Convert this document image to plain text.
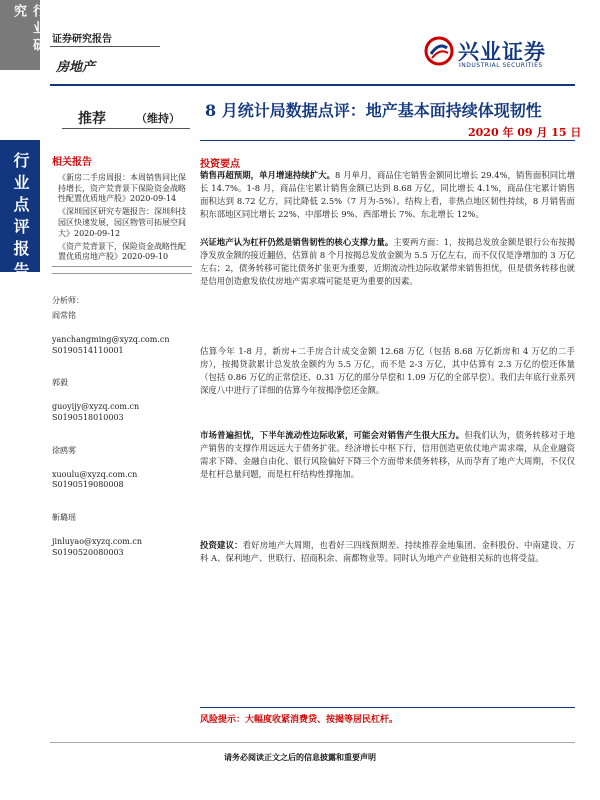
行业研究
行业点评报告
证券研究报告
房地产
兴业证券
INDUSTRIAL SECURITIES
推荐	（维持） 8 月统计局数据点评：地产基本面持续体现韧性
2020 年 09 月 15 日
相关报告
《新房二手房周报：本周销售同比保持增长，资产荒背景下保险资金战略性配置优质地产股》2020-09-14
《深圳园区研究专题报告：深圳科技园区快速发展，园区物管可拓展空间大》2020-09-12
《资产荒背景下，保险资金战略性配置优质房地产股》2020-09-10
分析师：
阎常铭
yanchangming@xyzq.com.cn
S0190514110001
郭毅
guoyijy@xyzq.com.cn
S0190518010003
徐鸥雾
xuoulu@xyzq.com.cn
S0190519080008
靳璐瑶
jinluyao@xyzq.com.cn
S0190520080003
投资要点

销售再超预期，单月增速持续扩大。8 月单月，商品住宅销售金额同比增长 29.4%，销售面积同比增长 14.7%。1-8 月，商品住宅累计销售金额已达到 8.68 万亿，同比增长 4.1%，商品住宅累计销售面积达到 8.72 亿方，同比降低 2.5%（7 月为-5%）。结构上看，非热点地区韧性持续，8 月销售面积东部地区同比增长 22%、中部增长 9%、西部增长 7%、东北增长 12%。

兴证地产认为杠杆仍然是销售韧性的核心支撑力量。主要两方面：1，按揭总发放金额是银行公布按揭净发放金额的接近翻倍，估算前 8 个月按揭总发放金额为 5.5 万亿左右，而不仅仅是净增加的 3 万亿左右；2，债务转移可能比债务扩张更为重要，近期流动性边际收紧带来销售担忧，但是债务转移也就是信用创造愈发依仗房地产需求端可能是更为重要的因素。

估算今年 1-8 月，新房+二手房合计成交金额 12.68 万亿（包括 8.68 万亿新房和 4 万亿的二手房），按揭贷款累计总发放金额约为 5.5 万亿，而不是 2-3 万亿，其中估算有 2.3 万亿的偿还体量（包括 0.86 万亿的正常偿还、0.31 万亿的部分早偿和 1.09 万亿的全部早偿）。我们去年底行业系列深度八中进行了详细的估算今年按揭净偿还金额。

市场普遍担忧，下半年流动性边际收紧，可能会对销售产生很大压力。但我们认为，债务转移对于地产销售的支撑作用远远大于债务扩张。经济增长中枢下行，信用创造更依仗地产需求端，从企业融资需求下降、金融自由化、银行风险偏好下降三个方面带来债务转移，从而孕育了地产大周期，不仅仅是杠杆总量问题，而是杠杆结构性撑拖加。

投资建议：看好房地产大周期，也看好三四线预期差、持续推荐金地集团、金科股份、中南建设、万科 A、保利地产、世联行、招商积余、南都物业等。同时认为地产产业链相关标的也将受益。

风险提示：大幅度收紧消费贷、按揭等居民杠杆。
请务必阅读正文之后的信息披露和重要声明
